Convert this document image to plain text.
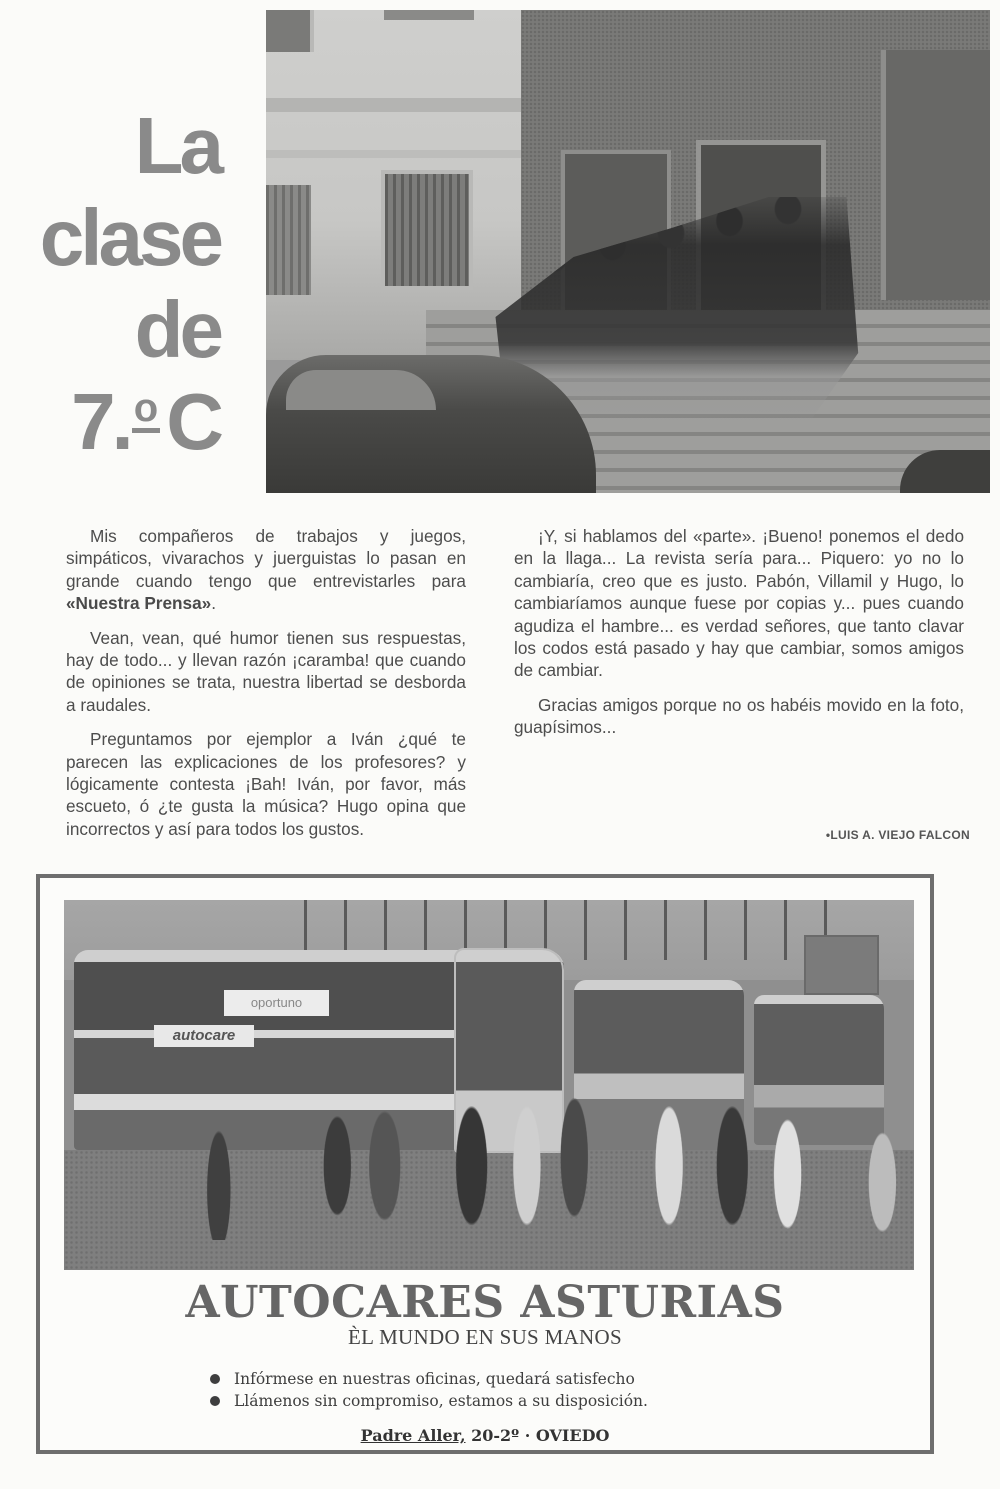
La
clase
de
7. o C

Mis compañeros de trabajos y juegos, simpáticos, vivarachos y juerguistas lo pasan en grande cuando tengo que entrevistarles para «Nuestra Prensa».

Vean, vean, qué humor tienen sus respuestas, hay de todo... y llevan razón ¡caramba! que cuando de opiniones se trata, nuestra libertad se desborda a raudales.

Preguntamos por ejemplor a Iván ¿qué te parecen las explicaciones de los profesores? y lógicamente contesta ¡Bah! Iván, por favor, más escueto, ó ¿te gusta la música? Hugo opina que incorrectos y así para todos los gustos.

¡Y, si hablamos del «parte». ¡Bueno! ponemos el dedo en la llaga... La revista sería para... Piquero: yo no lo cambiaría, creo que es justo. Pabón, Villamil y Hugo, lo cambiaríamos aunque fuese por copias y... pues cuando agudiza el hambre... es verdad señores, que tanto clavar los codos está pasado y hay que cambiar, somos amigos de cambiar.

Gracias amigos porque no os habéis movido en la foto, guapísimos...

•LUIS A. VIEJO FALCON
oportuno
autocare
AUTOCARES ASTURIAS
ÈL MUNDO EN SUS MANOS
Infórmese en nuestras oficinas, quedará satisfecho
Llámenos sin compromiso, estamos a su disposición.
Padre Aller, 20-2º · OVIEDO
